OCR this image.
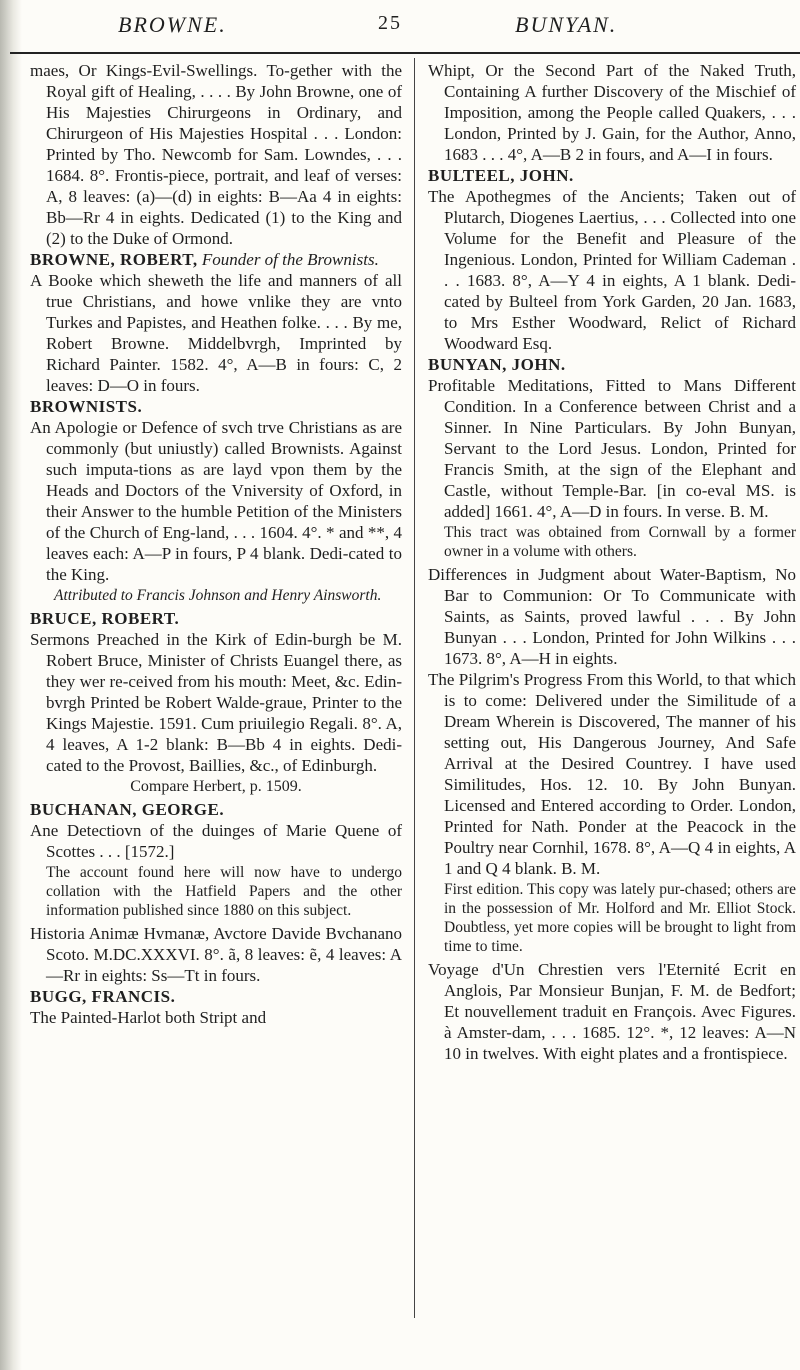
BROWNE.	25	BUNYAN.

maes, Or Kings-Evil-Swellings. To-gether with the Royal gift of Healing, . . . . By John Browne, one of His Majesties Chirurgeons in Ordinary, and Chirurgeon of His Majesties Hospital . . . London: Printed by Tho. Newcomb for Sam. Lowndes, . . . 1684. 8°. Frontis-piece, portrait, and leaf of verses: A, 8 leaves: (a)—(d) in eights: B—Aa 4 in eights: Bb—Rr 4 in eights. Dedicated (1) to the King and (2) to the Duke of Ormond.

BROWNE, ROBERT, Founder of the Brownists.

A Booke which sheweth the life and manners of all true Christians, and howe vnlike they are vnto Turkes and Papistes, and Heathen folke. . . . By me, Robert Browne. Middelbvrgh, Imprinted by Richard Painter. 1582. 4°, A—B in fours: C, 2 leaves: D—O in fours.

BROWNISTS.

An Apologie or Defence of svch trve Christians as are commonly (but uniustly) called Brownists. Against such imputa-tions as are layd vpon them by the Heads and Doctors of the Vniversity of Oxford, in their Answer to the humble Petition of the Ministers of the Church of Eng-land, . . . 1604. 4°. * and **, 4 leaves each: A—P in fours, P 4 blank. Dedi-cated to the King.

Attributed to Francis Johnson and Henry Ainsworth.

BRUCE, ROBERT.

Sermons Preached in the Kirk of Edin-burgh be M. Robert Bruce, Minister of Christs Euangel there, as they wer re-ceived from his mouth: Meet, &c. Edin-bvrgh Printed be Robert Walde-graue, Printer to the Kings Majestie. 1591. Cum priuilegio Regali. 8°. A, 4 leaves, A 1-2 blank: B—Bb 4 in eights. Dedi-cated to the Provost, Baillies, &c., of Edinburgh.

Compare Herbert, p. 1509.

BUCHANAN, GEORGE.

Ane Detectiovn of the duinges of Marie Quene of Scottes . . . [1572.]

The account found here will now have to undergo collation with the Hatfield Papers and the other information published since 1880 on this subject.

Historia Animæ Hvmanæ, Avctore Davide Bvchanano Scoto. M.DC.XXXVI. 8°. ã, 8 leaves: ẽ, 4 leaves: A—Rr in eights: Ss—Tt in fours.

BUGG, FRANCIS.

The Painted-Harlot both Stript and

Whipt, Or the Second Part of the Naked Truth, Containing A further Discovery of the Mischief of Imposition, among the People called Quakers, . . . London, Printed by J. Gain, for the Author, Anno, 1683 . . . 4°, A—B 2 in fours, and A—I in fours.

BULTEEL, JOHN.

The Apothegmes of the Ancients; Taken out of Plutarch, Diogenes Laertius, . . . Collected into one Volume for the Benefit and Pleasure of the Ingenious. London, Printed for William Cademan . . . 1683. 8°, A—Y 4 in eights, A 1 blank. Dedi-cated by Bulteel from York Garden, 20 Jan. 1683, to Mrs Esther Woodward, Relict of Richard Woodward Esq.

BUNYAN, JOHN.

Profitable Meditations, Fitted to Mans Different Condition. In a Conference between Christ and a Sinner. In Nine Particulars. By John Bunyan, Servant to the Lord Jesus. London, Printed for Francis Smith, at the sign of the Elephant and Castle, without Temple-Bar. [in co-eval MS. is added] 1661. 4°, A—D in fours. In verse. B. M.

This tract was obtained from Cornwall by a former owner in a volume with others.

Differences in Judgment about Water-Baptism, No Bar to Communion: Or To Communicate with Saints, as Saints, proved lawful . . . By John Bunyan . . . London, Printed for John Wilkins . . . 1673. 8°, A—H in eights.

The Pilgrim's Progress From this World, to that which is to come: Delivered under the Similitude of a Dream Wherein is Discovered, The manner of his setting out, His Dangerous Journey, And Safe Arrival at the Desired Countrey. I have used Similitudes, Hos. 12. 10. By John Bunyan. Licensed and Entered according to Order. London, Printed for Nath. Ponder at the Peacock in the Poultry near Cornhil, 1678. 8°, A—Q 4 in eights, A 1 and Q 4 blank. B. M.

First edition. This copy was lately pur-chased; others are in the possession of Mr. Holford and Mr. Elliot Stock. Doubtless, yet more copies will be brought to light from time to time.

Voyage d'Un Chrestien vers l'Eternité Ecrit en Anglois, Par Monsieur Bunjan, F. M. de Bedfort; Et nouvellement traduit en François. Avec Figures. à Amster-dam, . . . 1685. 12°. *, 12 leaves: A—N 10 in twelves. With eight plates and a frontispiece.
